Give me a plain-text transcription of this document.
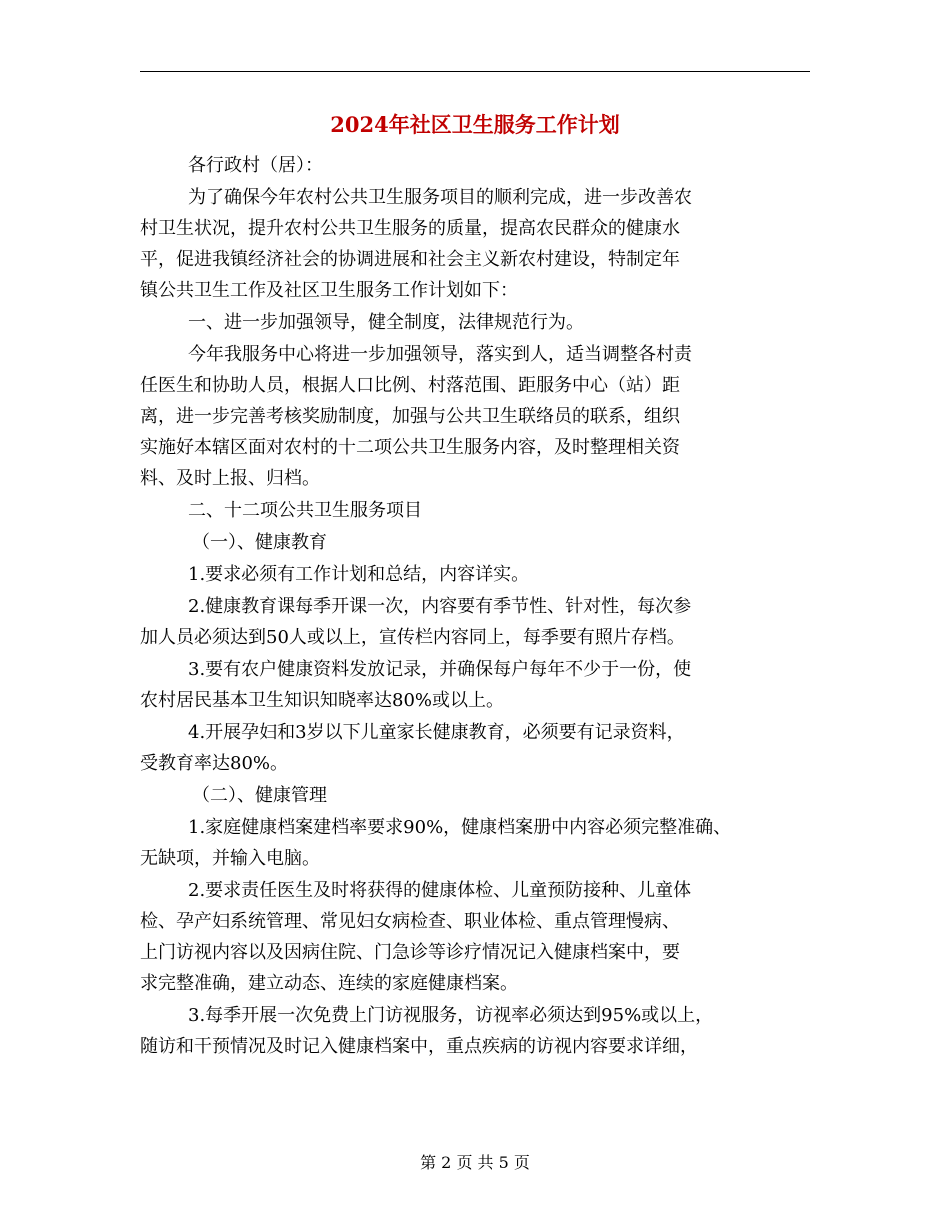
2024年社区卫生服务工作计划
各行政村（居）：
为了确保今年农村公共卫生服务项目的顺利完成，进一步改善农
村卫生状况，提升农村公共卫生服务的质量，提高农民群众的健康水
平，促进我镇经济社会的协调进展和社会主义新农村建设，特制定年
镇公共卫生工作及社区卫生服务工作计划如下：
一、进一步加强领导，健全制度，法律规范行为。
今年我服务中心将进一步加强领导，落实到人，适当调整各村责
任医生和协助人员，根据人口比例、村落范围、距服务中心（站）距
离，进一步完善考核奖励制度，加强与公共卫生联络员的联系，组织
实施好本辖区面对农村的十二项公共卫生服务内容，及时整理相关资
料、及时上报、归档。
二、十二项公共卫生服务项目
（一）、健康教育
1.要求必须有工作计划和总结，内容详实。
2.健康教育课每季开课一次，内容要有季节性、针对性，每次参
加人员必须达到50人或以上，宣传栏内容同上，每季要有照片存档。
3.要有农户健康资料发放记录，并确保每户每年不少于一份，使
农村居民基本卫生知识知晓率达80%或以上。
4.开展孕妇和3岁以下儿童家长健康教育，必须要有记录资料，
受教育率达80%。
（二）、健康管理
1.家庭健康档案建档率要求90%，健康档案册中内容必须完整准确、
无缺项，并输入电脑。
2.要求责任医生及时将获得的健康体检、儿童预防接种、儿童体
检、孕产妇系统管理、常见妇女病检查、职业体检、重点管理慢病、
上门访视内容以及因病住院、门急诊等诊疗情况记入健康档案中，要
求完整准确，建立动态、连续的家庭健康档案。
3.每季开展一次免费上门访视服务，访视率必须达到95%或以上，
随访和干预情况及时记入健康档案中，重点疾病的访视内容要求详细，
第 2 页 共 5 页
